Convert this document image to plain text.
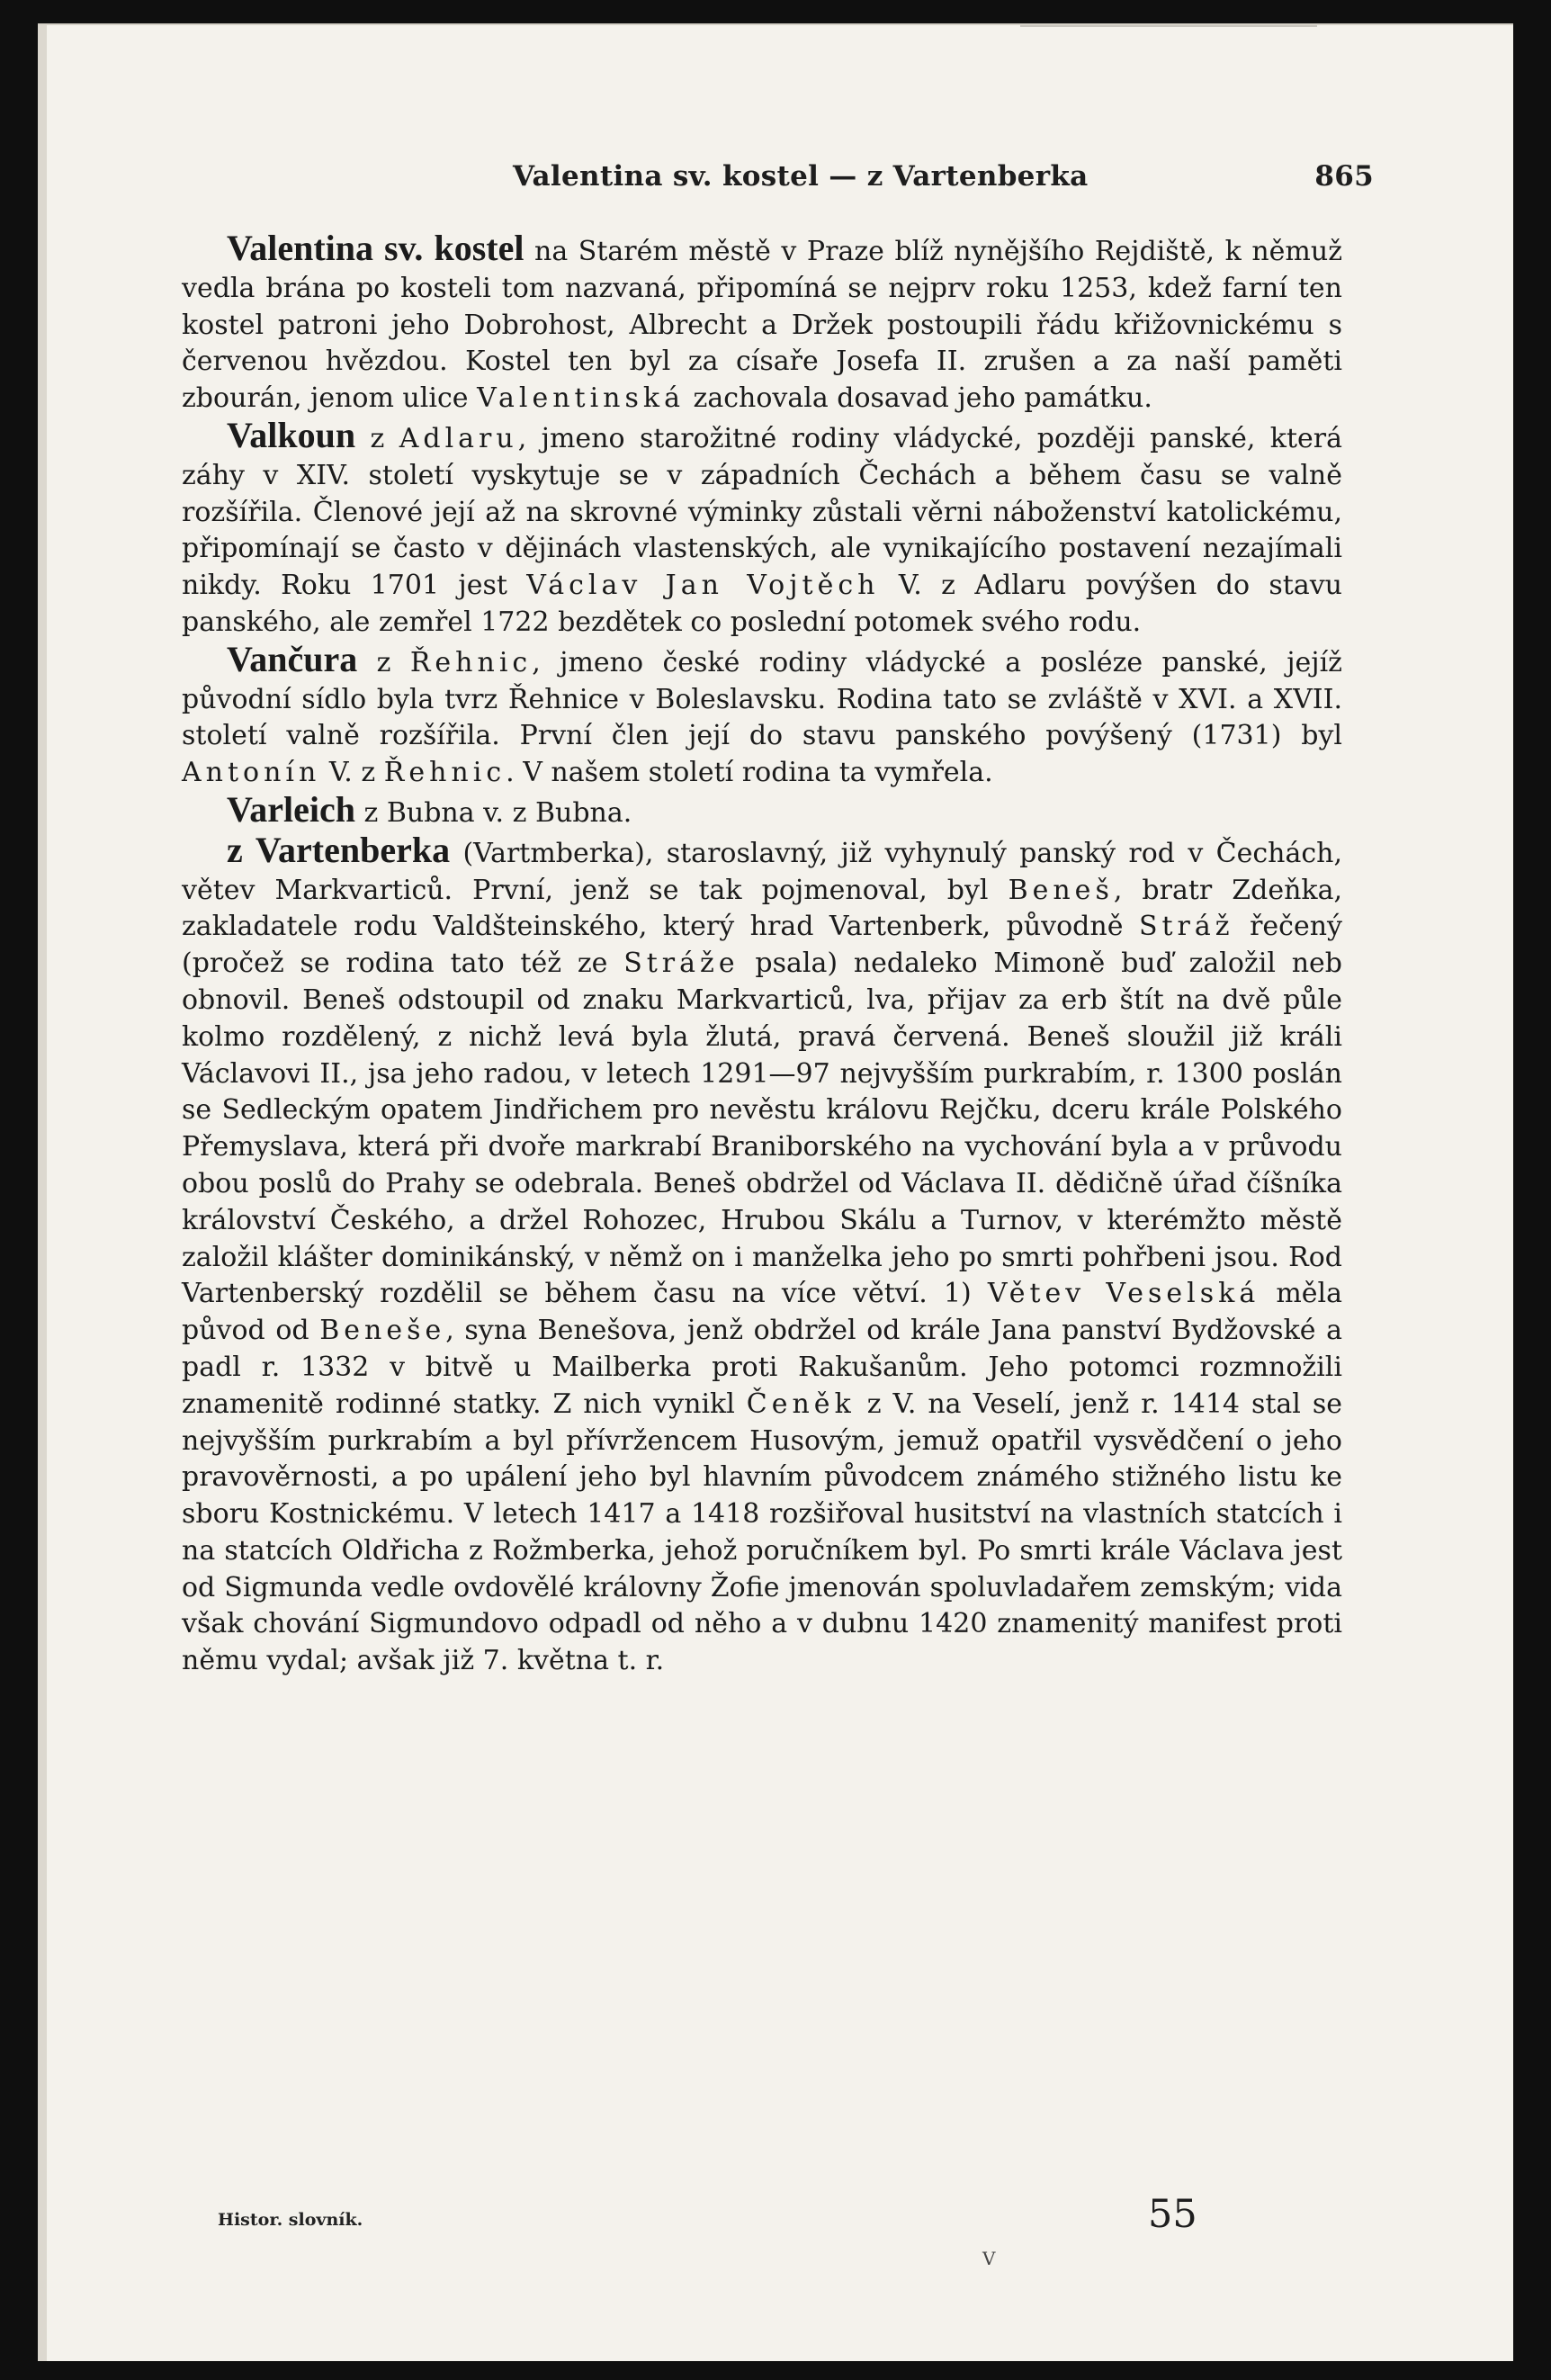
Valentina sv. kostel — z Vartenberka	865

Valentina sv. kostel na Starém městě v Praze blíž nynějšího Rejdiště, k němuž vedla brána po kosteli tom nazvaná, připomíná se nejprv roku 1253, kdež farní ten kostel patroni jeho Dobrohost, Albrecht a Držek postoupili řádu křižovnickému s červenou hvězdou. Kostel ten byl za císaře Josefa II. zrušen a za naší paměti zbourán, jenom ulice Valentinská zachovala dosavad jeho památku.

Valkoun z Adlaru, jmeno starožitné rodiny vládycké, později panské, která záhy v XIV. století vyskytuje se v západních Čechách a během času se valně rozšířila. Členové její až na skrovné výminky zůstali věrni náboženství katolickému, připomínají se často v dějinách vlastenských, ale vynikajícího postavení nezajímali nikdy. Roku 1701 jest Václav Jan Vojtěch V. z Adlaru povýšen do stavu panského, ale zemřel 1722 bezdětek co poslední potomek svého rodu.

Vančura z Řehnic, jmeno české rodiny vládycké a posléze panské, jejíž původní sídlo byla tvrz Řehnice v Boleslavsku. Rodina tato se zvláště v XVI. a XVII. století valně rozšířila. První člen její do stavu panského povýšený (1731) byl Antonín V. z Řehnic. V našem století rodina ta vymřela.

Varleich z Bubna v. z Bubna.

z Vartenberka (Vartmberka), staroslavný, již vyhynulý panský rod v Čechách, větev Markvarticů. První, jenž se tak pojmenoval, byl Beneš, bratr Zdeňka, zakladatele rodu Valdšteinského, který hrad Vartenberk, původně Stráž řečený (pročež se rodina tato též ze Stráže psala) nedaleko Mimoně buď založil neb obnovil. Beneš odstoupil od znaku Markvarticů, lva, přijav za erb štít na dvě půle kolmo rozdělený, z nichž levá byla žlutá, pravá červená. Beneš sloužil již králi Václavovi II., jsa jeho radou, v letech 1291—97 nejvyšším purkrabím, r. 1300 poslán se Sedleckým opatem Jindřichem pro nevěstu královu Rejčku, dceru krále Polského Přemyslava, která při dvoře markrabí Braniborského na vychování byla a v průvodu obou poslů do Prahy se odebrala. Beneš obdržel od Václava II. dědičně úřad číšníka království Českého, a držel Rohozec, Hrubou Skálu a Turnov, v kterémžto městě založil klášter dominikánský, v němž on i manželka jeho po smrti pohřbeni jsou. Rod Vartenberský rozdělil se během času na více větví. 1) Větev Veselská měla původ od Beneše, syna Benešova, jenž obdržel od krále Jana panství Bydžovské a padl r. 1332 v bitvě u Mailberka proti Rakušanům. Jeho potomci rozmnožili znamenitě rodinné statky. Z nich vynikl Čeněk z V. na Veselí, jenž r. 1414 stal se nejvyšším purkrabím a byl přívržencem Husovým, jemuž opatřil vysvědčení o jeho pravověrnosti, a po upálení jeho byl hlavním původcem známého stižného listu ke sboru Kostnickému. V letech 1417 a 1418 rozšiřoval husitství na vlastních statcích i na statcích Oldřicha z Rožmberka, jehož poručníkem byl. Po smrti krále Václava jest od Sigmunda vedle ovdovělé královny Žofie jmenován spoluvladařem zemským; vida však chování Sigmundovo odpadl od něho a v dubnu 1420 znamenitý manifest proti němu vydal; avšak již 7. května t. r.

Histor. slovník.	55
V
